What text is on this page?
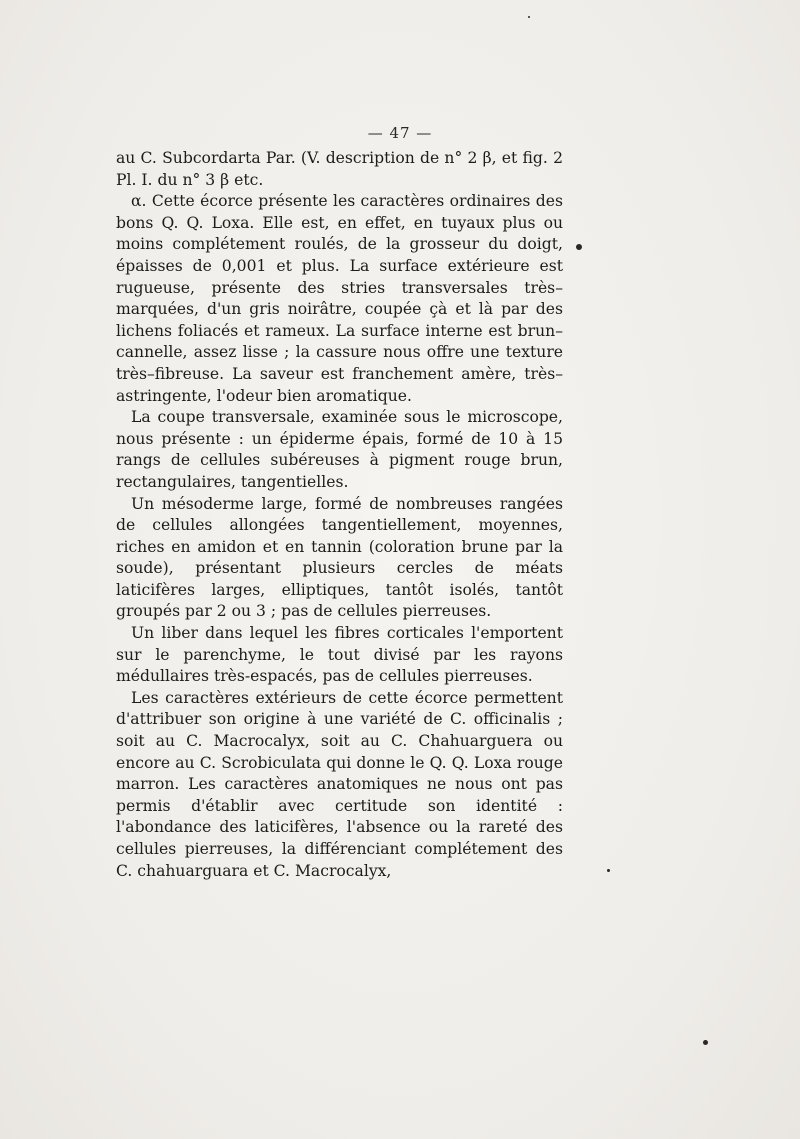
— 47 —

au C. Subcordarta Par. (V. description de n° 2 β, et fig. 2 Pl. I. du n° 3 β etc.

α. Cette écorce présente les caractères ordinaires des bons Q. Q. Loxa. Elle est, en effet, en tuyaux plus ou moins complétement roulés, de la grosseur du doigt, épaisses de 0,001 et plus. La surface extérieure est rugueuse, présente des stries transversales très–marquées, d'un gris noirâtre, coupée çà et là par des lichens foliacés et rameux. La surface interne est brun–cannelle, assez lisse ; la cassure nous offre une texture très–fibreuse. La saveur est franchement amère, très–astringente, l'odeur bien aromatique.

La coupe transversale, examinée sous le microscope, nous présente : un épiderme épais, formé de 10 à 15 rangs de cellules subéreuses à pigment rouge brun, rectangulaires, tangentielles.

Un mésoderme large, formé de nombreuses rangées de cellules allongées tangentiellement, moyennes, riches en amidon et en tannin (coloration brune par la soude), présentant plusieurs cercles de méats laticifères larges, elliptiques, tantôt isolés, tantôt groupés par 2 ou 3 ; pas de cellules pierreuses.

Un liber dans lequel les fibres corticales l'emportent sur le parenchyme, le tout divisé par les rayons médullaires très-espacés, pas de cellules pierreuses.

Les caractères extérieurs de cette écorce permettent d'attribuer son origine à une variété de C. officinalis ; soit au C. Macrocalyx, soit au C. Chahuarguera ou encore au C. Scrobiculata qui donne le Q. Q. Loxa rouge marron. Les caractères anatomiques ne nous ont pas permis d'établir avec certitude son identité : l'abondance des laticifères, l'absence ou la rareté des cellules pierreuses, la différenciant complétement des C. chahuarguara et C. Macrocalyx,
